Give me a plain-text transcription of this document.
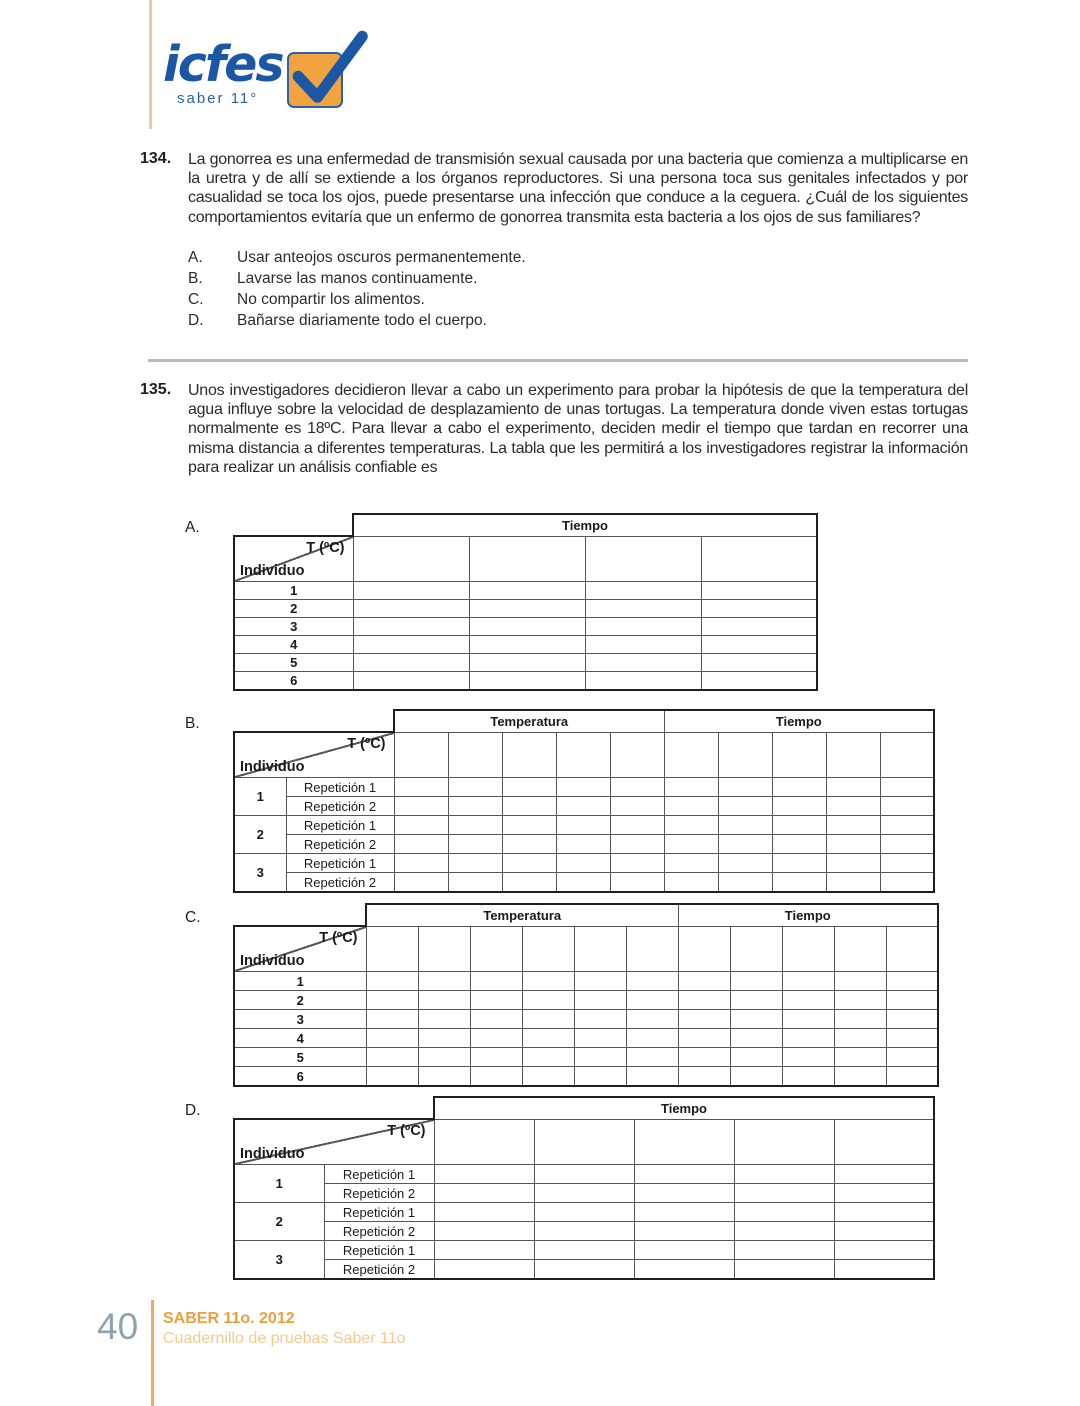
icfes
saber 11°
134. La gonorrea es una enfermedad de transmisión sexual causada por una bacteria que comienza a multiplicarse en la uretra y de allí se extiende a los órganos reproductores. Si una persona toca sus genitales infectados y por casualidad se toca los ojos, puede presentarse una infección que conduce a la ceguera. ¿Cuál de los siguientes comportamientos evitaría que un enfermo de gonorrea transmita esta bacteria a los ojos de sus familiares?

A.	Usar anteojos oscuros permanentemente.
B.	Lavarse las manos continuamente.
C.	No compartir los alimentos.
D.	Bañarse diariamente todo el cuerpo.
135. Unos investigadores decidieron llevar a cabo un experimento para probar la hipótesis de que la temperatura del agua influye sobre la velocidad de desplazamiento de unas tortugas. La temperatura donde viven estas tortugas normalmente es 18ºC. Para llevar a cabo el experimento, deciden medir el tiempo que tardan en recorrer una misma distancia a diferentes temperaturas. La tabla que les permitirá a los investigadores registrar la información para realizar un análisis confiable es

A.
		Tiempo			

T (ºC)
Individuo				

1				
2				
3				
4				
5				
6				
B.
		Temperatura					Tiempo				

T (ºC)
Individuo											

1	Repetición 1										
	Repetición 2										
2	Repetición 1										
	Repetición 2										
3	Repetición 1										
	Repetición 2										
C.
		Temperatura						Tiempo				

T (ºC)
Individuo											

1											
2											
3											
4											
5											
6											
D.
		Tiempo				

T (ºC)
Individuo						

1	Repetición 1					
	Repetición 2					
2	Repetición 1					
	Repetición 2					
3	Repetición 1					
	Repetición 2					
40 SABER 11o. 2012
Cuadernillo de pruebas Saber 11o
